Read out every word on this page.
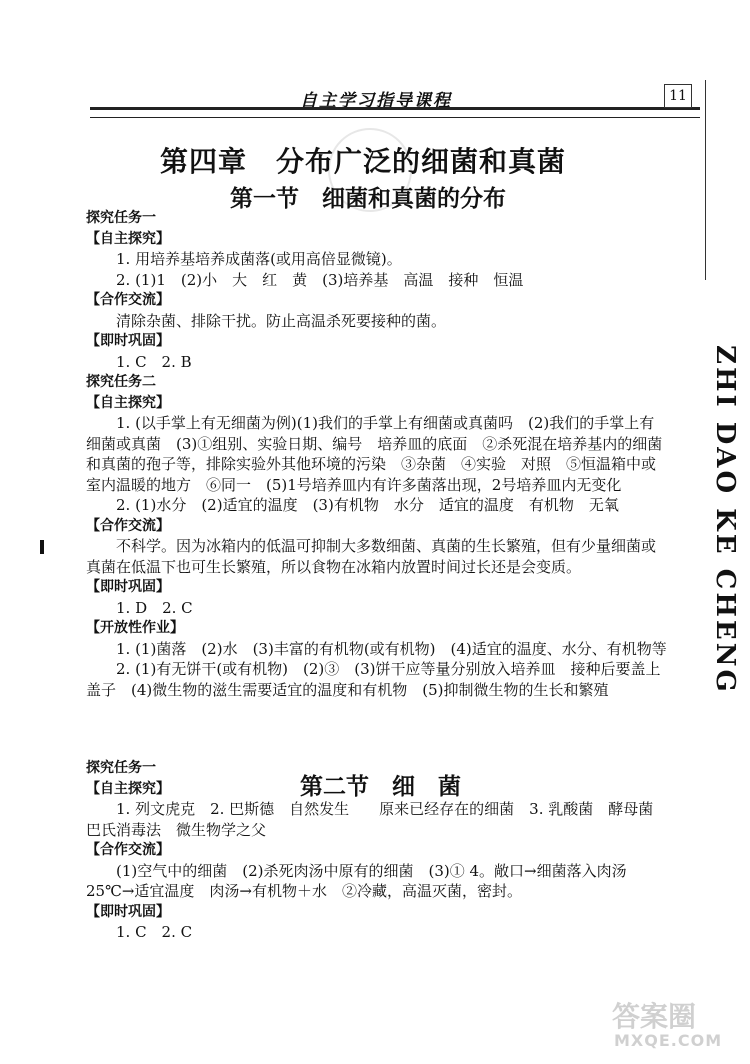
自主学习指导课程	11
ZHI DAO KE CHENG
第四章　分布广泛的细菌和真菌
第一节　细菌和真菌的分布

探究任务一

【自主探究】

1. 用培养基培养成菌落(或用高倍显微镜)。

2. (1)1　(2)小　大　红　黄　(3)培养基　高温　接种　恒温

【合作交流】

清除杂菌、排除干扰。防止高温杀死要接种的菌。

【即时巩固】

1. C　2. B

探究任务二

【自主探究】

1. (以手掌上有无细菌为例)(1)我们的手掌上有细菌或真菌吗　(2)我们的手掌上有细菌或真菌　(3)①组别、实验日期、编号　培养皿的底面　②杀死混在培养基内的细菌和真菌的孢子等，排除实验外其他环境的污染　③杂菌　④实验　对照　⑤恒温箱中或室内温暖的地方　⑥同一　(5)1号培养皿内有许多菌落出现，2号培养皿内无变化

2. (1)水分　(2)适宜的温度　(3)有机物　水分　适宜的温度　有机物　无氧

【合作交流】

不科学。因为冰箱内的低温可抑制大多数细菌、真菌的生长繁殖，但有少量细菌或真菌在低温下也可生长繁殖，所以食物在冰箱内放置时间过长还是会变质。

【即时巩固】

1. D　2. C

【开放性作业】

1. (1)菌落　(2)水　(3)丰富的有机物(或有机物)　(4)适宜的温度、水分、有机物等

2. (1)有无饼干(或有机物)　(2)③　(3)饼干应等量分别放入培养皿　接种后要盖上盖子　(4)微生物的滋生需要适宜的温度和有机物　(5)抑制微生物的生长和繁殖

探究任务一

【自主探究】

1. 列文虎克　2. 巴斯德　自然发生　　原来已经存在的细菌　3. 乳酸菌　酵母菌　巴氏消毒法　微生物学之父

【合作交流】

(1)空气中的细菌　(2)杀死肉汤中原有的细菌　(3)① 4。敞口→细菌落入肉汤　25℃→适宜温度　肉汤→有机物＋水　②冷藏，高温灭菌，密封。

【即时巩固】

1. C　2. C

第二节　细　菌
答案圈
MXQE.COM
